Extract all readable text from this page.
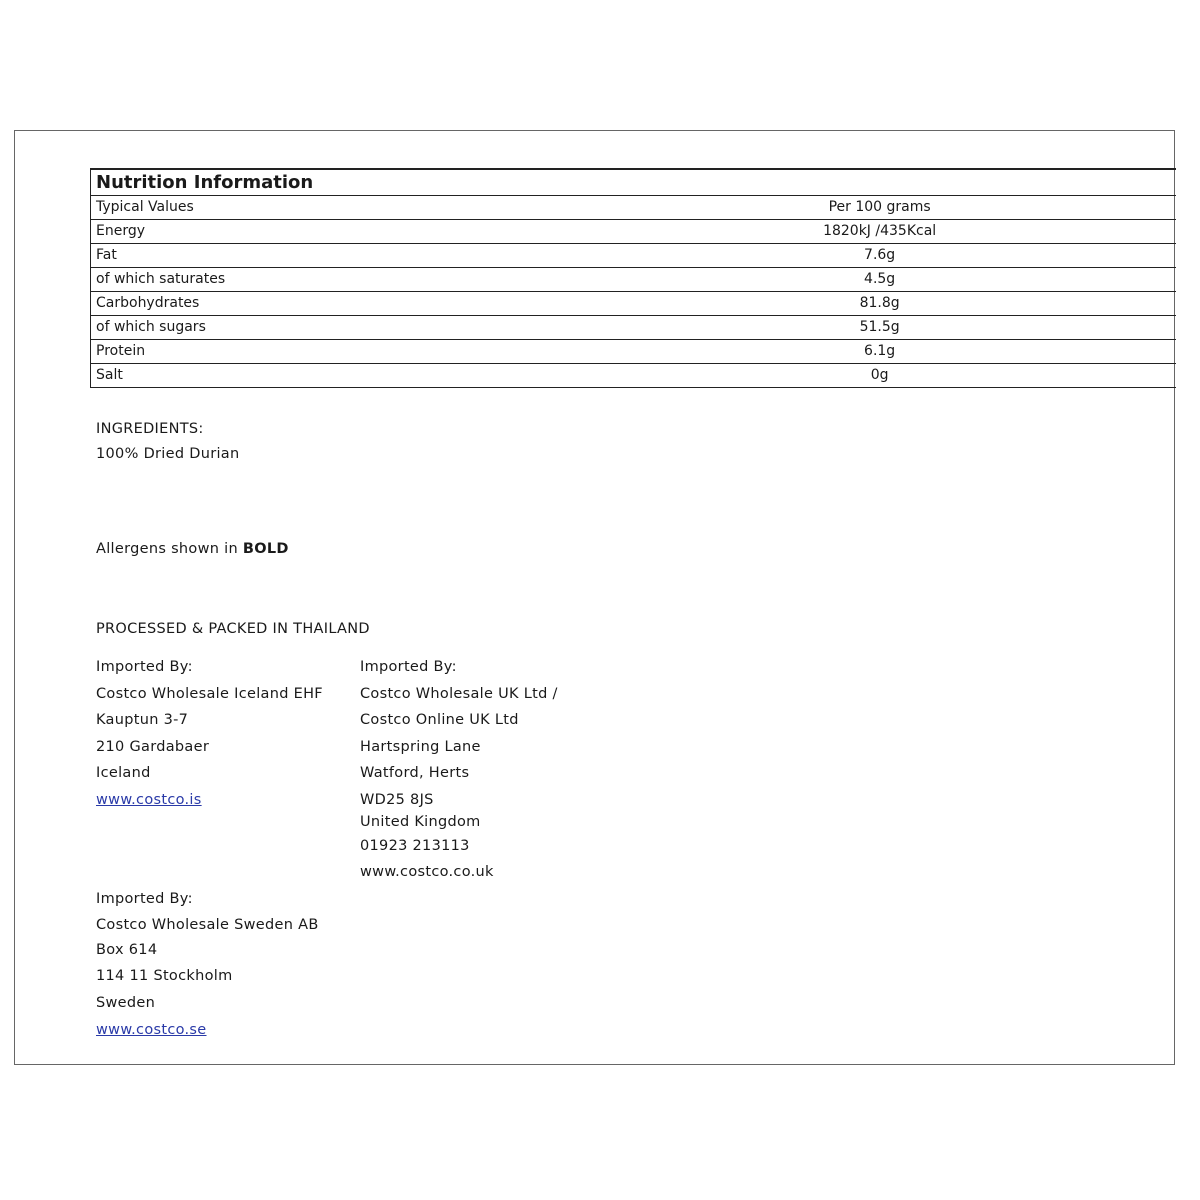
Nutrition Information	
Typical Values	Per 100 grams
Energy	1820kJ /435Kcal
Fat	7.6g
of which saturates	4.5g
Carbohydrates	81.8g
of which sugars	51.5g
Protein	6.1g
Salt	0g
INGREDIENTS:
100% Dried Durian
Allergens shown in BOLD
PROCESSED & PACKED IN THAILAND
Imported By:
Costco Wholesale Iceland EHF
Kauptun 3-7
210 Gardabaer
Iceland
www.costco.is
Imported By:
Costco Wholesale UK Ltd /
Costco Online UK Ltd
Hartspring Lane
Watford, Herts
WD25 8JS
United Kingdom
01923 213113
www.costco.co.uk
Imported By:
Costco Wholesale Sweden AB
Box 614
114 11 Stockholm
Sweden
www.costco.se
